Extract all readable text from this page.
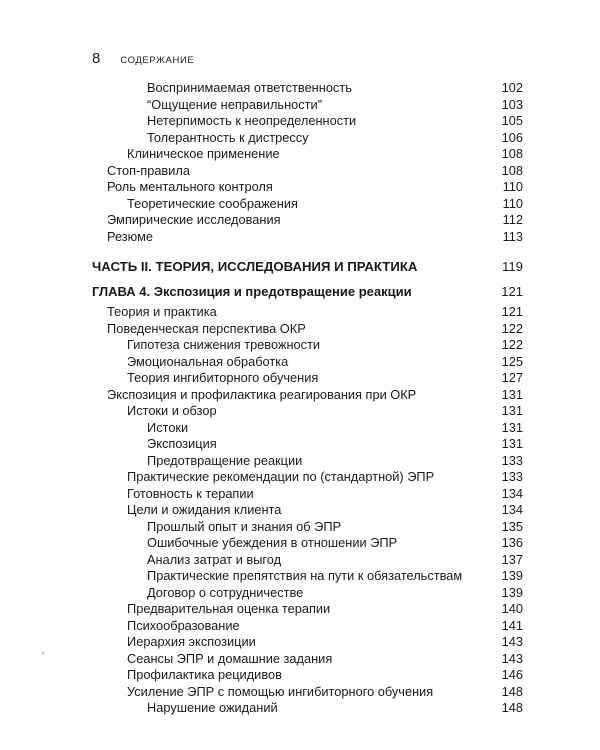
8 СОДЕРЖАНИЕ
Воспринимаемая ответственность	102
“Ощущение неправильности”	103
Нетерпимость к неопределенности	105
Толерантность к дистрессу	106
Клиническое применение	108
Стоп-правила	108
Роль ментального контроля	110
Теоретические соображения	110
Эмпирические исследования	112
Резюме	113
ЧАСТЬ II. ТЕОРИЯ, ИССЛЕДОВАНИЯ И ПРАКТИКА	119
ГЛАВА 4. Экспозиция и предотвращение реакции	121
Теория и практика	121
Поведенческая перспектива ОКР	122
Гипотеза снижения тревожности	122
Эмоциональная обработка	125
Теория ингибиторного обучения	127
Экспозиция и профилактика реагирования при ОКР	131
Истоки и обзор	131
Истоки	131
Экспозиция	131
Предотвращение реакции	133
Практические рекомендации по (стандартной) ЭПР	133
Готовность к терапии	134
Цели и ожидания клиента	134
Прошлый опыт и знания об ЭПР	135
Ошибочные убеждения в отношении ЭПР	136
Анализ затрат и выгод	137
Практические препятствия на пути к обязательствам	139
Договор о сотрудничестве	139
Предварительная оценка терапии	140
Психообразование	141
Иерархия экспозиции	143
Сеансы ЭПР и домашние задания	143
Профилактика рецидивов	146
Усиление ЭПР с помощью ингибиторного обучения	148
Нарушение ожиданий	148
